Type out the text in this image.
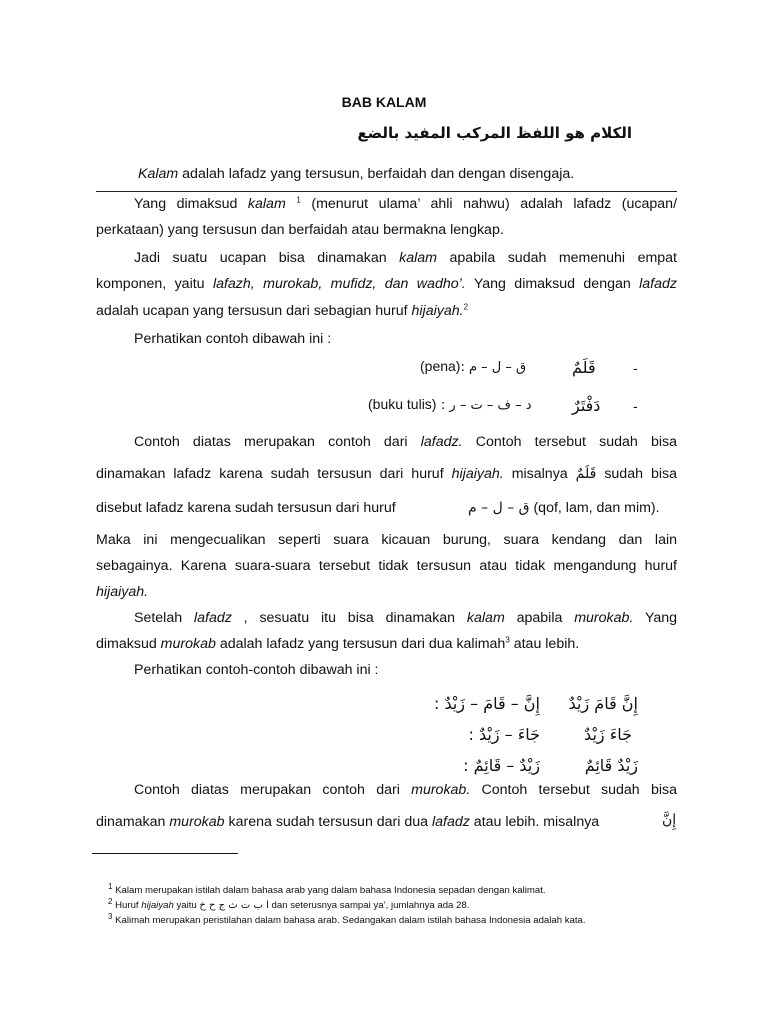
BAB KALAM
الكلام هو اللفظ المركب المفيد بالضع
Kalam adalah lafadz yang tersusun, berfaidah dan dengan disengaja.
Yang dimaksud kalam $^1$ (menurut ulama’ ahli nahwu) adalah lafadz (ucapan/
perkataan) yang tersusun dan berfaidah atau bermakna lengkap.
Jadi suatu ucapan bisa dinamakan kalam apabila sudah memenuhi empat
komponen, yaitu lafazh, murokab, mufidz, dan wadho’. Yang dimaksud dengan lafadz
adalah ucapan yang tersusun dari sebagian huruf hijaiyah.$^2$
Perhatikan contoh dibawah ini :
(pena)ق – ل – م :	قَلَمٌ	-
(buku tulis) د – ف – ت – ر :	دَفْتَرٌ -
Contoh diatas merupakan contoh dari lafadz. Contoh tersebut sudah bisa
dinamakan lafadz karena sudah tersusun dari huruf hijaiyah. misalnya قَلَمٌ sudah bisa
disebut lafadz karena sudah tersusun dari huruf	ق – ل – م (qof, lam, dan mim).
Maka ini mengecualikan seperti suara kicauan burung, suara kendang dan lain
sebagainya. Karena suara-suara tersebut tidak tersusun atau tidak mengandung huruf
hijaiyah.
Setelah lafadz , sesuatu itu bisa dinamakan kalam apabila murokab. Yang
dimaksud murokab adalah lafadz yang tersusun dari dua kalimah$^3$ atau lebih.
Perhatikan contoh-contoh dibawah ini :
إِنَّ – قَامَ – زَيْدٌ : إِنَّ قَامَ زَيْدٌ
جَاءَ – زَيْدٌ :	جَاءَ زَيْدٌ
زَيْدٌ – قَائِمٌ :	زَيْدٌ قَائِمٌ
Contoh diatas merupakan contoh dari murokab. Contoh tersebut sudah bisa
dinamakan murokab karena sudah tersusun dari dua lafadz atau lebih. misalnya	إِنَّ
$^1$ Kalam merupakan istilah dalam bahasa arab yang dalam bahasa Indonesia sepadan dengan kalimat.
$^2$ Huruf hijaiyah yaitu ا ب ت ث ج ح خ dan seterusnya sampai ya’, jumlahnya ada 28.
$^3$ Kalimah merupakan peristilahan dalam bahasa arab. Sedangakan dalam istilah bahasa Indonesia adalah kata.
